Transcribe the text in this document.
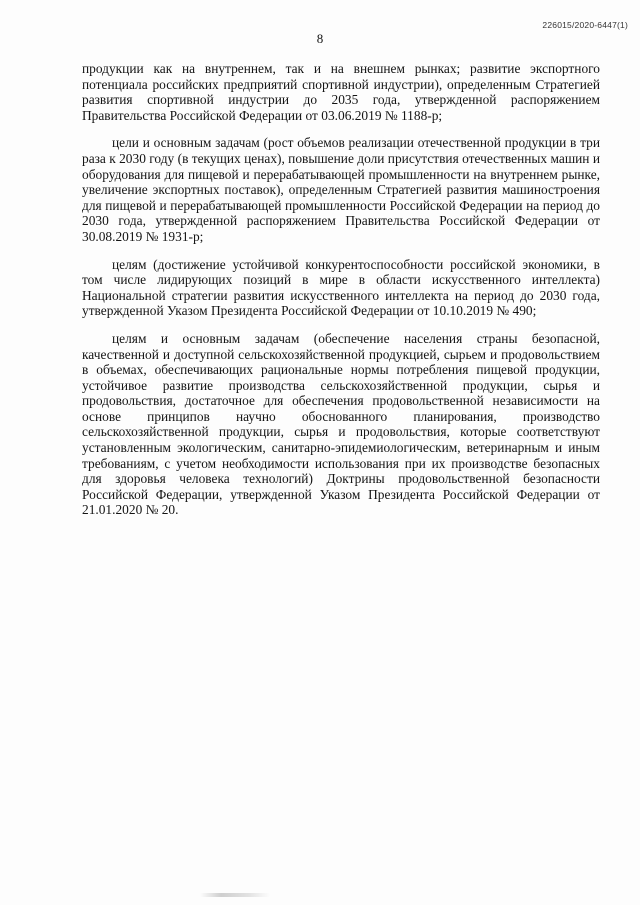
226015/2020-6447(1)
8

продукции как на внутреннем, так и на внешнем рынках; развитие экспортного потенциала российских предприятий спортивной индустрии), определенным Стратегией развития спортивной индустрии до 2035 года, утвержденной распоряжением Правительства Российской Федерации от 03.06.2019 № 1188-р;

цели и основным задачам (рост объемов реализации отечественной продукции в три раза к 2030 году (в текущих ценах), повышение доли присутствия отечественных машин и оборудования для пищевой и перерабатывающей промышленности на внутреннем рынке, увеличение экспортных поставок), определенным Стратегией развития машиностроения для пищевой и перерабатывающей промышленности Российской Федерации на период до 2030 года, утвержденной распоряжением Правительства Российской Федерации от 30.08.2019 № 1931-р;

целям (достижение устойчивой конкурентоспособности российской экономики, в том числе лидирующих позиций в мире в области искусственного интеллекта) Национальной стратегии развития искусственного интеллекта на период до 2030 года, утвержденной Указом Президента Российской Федерации от 10.10.2019 № 490;

целям и основным задачам (обеспечение населения страны безопасной, качественной и доступной сельскохозяйственной продукцией, сырьем и продовольствием в объемах, обеспечивающих рациональные нормы потребления пищевой продукции, устойчивое развитие производства сельскохозяйственной продукции, сырья и продовольствия, достаточное для обеспечения продовольственной независимости на основе принципов научно обоснованного планирования, производство сельскохозяйственной продукции, сырья и продовольствия, которые соответствуют установленным экологическим, санитарно-эпидемиологическим, ветеринарным и иным требованиям, с учетом необходимости использования при их производстве безопасных для здоровья человека технологий) Доктрины продовольственной безопасности Российской Федерации, утвержденной Указом Президента Российской Федерации от 21.01.2020 № 20.
